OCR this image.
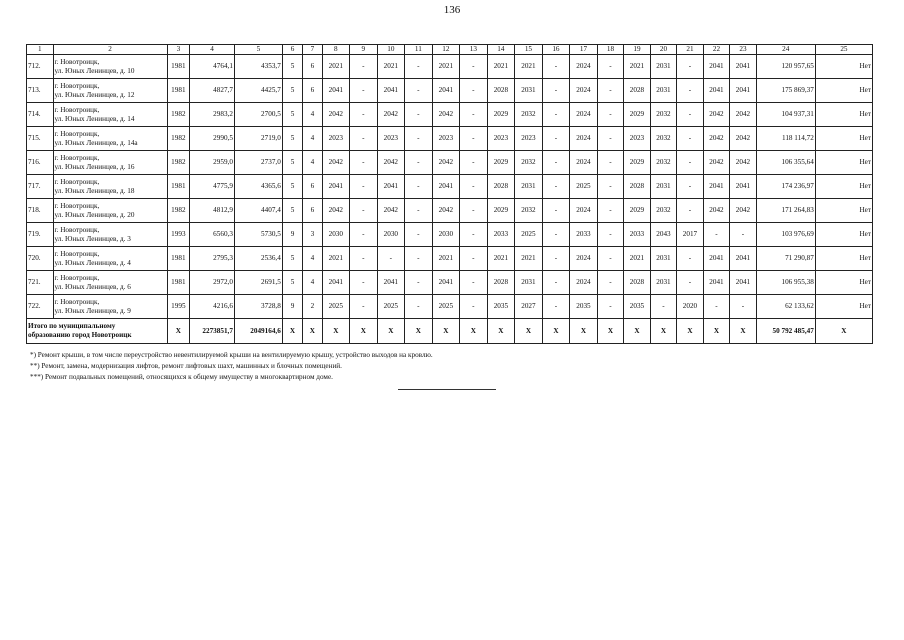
136
1	2	3	4	5	6	7	8	9	10	11	12	13	14	15	16	17	18	19	20	21	22	23	24	25
712.	г. Новотроицк,
ул. Юных Ленинцев, д. 10	1981	4764,1	4353,7	5	6	2021	-	2021	-	2021	-	2021	2021	-	2024	-	2021	2031	-	2041	2041	120 957,65	Нет
713.	г. Новотроицк,
ул. Юных Ленинцев, д. 12	1981	4827,7	4425,7	5	6	2041	-	2041	-	2041	-	2028	2031	-	2024	-	2028	2031	-	2041	2041	175 869,37	Нет
714.	г. Новотроицк,
ул. Юных Ленинцев, д. 14	1982	2983,2	2700,5	5	4	2042	-	2042	-	2042	-	2029	2032	-	2024	-	2029	2032	-	2042	2042	104 937,31	Нет
715.	г. Новотроицк,
ул. Юных Ленинцев, д. 14а	1982	2990,5	2719,0	5	4	2023	-	2023	-	2023	-	2023	2023	-	2024	-	2023	2032	-	2042	2042	118 114,72	Нет
716.	г. Новотроицк,
ул. Юных Ленинцев, д. 16	1982	2959,0	2737,0	5	4	2042	-	2042	-	2042	-	2029	2032	-	2024	-	2029	2032	-	2042	2042	106 355,64	Нет
717.	г. Новотроицк,
ул. Юных Ленинцев, д. 18	1981	4775,9	4365,6	5	6	2041	-	2041	-	2041	-	2028	2031	-	2025	-	2028	2031	-	2041	2041	174 236,97	Нет
718.	г. Новотроицк,
ул. Юных Ленинцев, д. 20	1982	4812,9	4407,4	5	6	2042	-	2042	-	2042	-	2029	2032	-	2024	-	2029	2032	-	2042	2042	171 264,83	Нет
719.	г. Новотроицк,
ул. Юных Ленинцев, д. 3	1993	6560,3	5730,5	9	3	2030	-	2030	-	2030	-	2033	2025	-	2033	-	2033	2043	2017	-	-	103 976,69	Нет
720.	г. Новотроицк,
ул. Юных Ленинцев, д. 4	1981	2795,3	2536,4	5	4	2021	-	-	-	2021	-	2021	2021	-	2024	-	2021	2031	-	2041	2041	71 290,87	Нет
721.	г. Новотроицк,
ул. Юных Ленинцев, д. 6	1981	2972,0	2691,5	5	4	2041	-	2041	-	2041	-	2028	2031	-	2024	-	2028	2031	-	2041	2041	106 955,38	Нет
722.	г. Новотроицк,
ул. Юных Ленинцев, д. 9	1995	4216,6	3728,8	9	2	2025	-	2025	-	2025	-	2035	2027	-	2035	-	2035	-	2020	-	-	62 133,62	Нет

Итого по муниципальному
образованию город Новотроицк		X	2273851,7	2049164,6	X	X	X	X	X	X	X	X	X	X	X	X	X	X	X	X	X	X	50 792 485,47	X
*) Ремонт крыши, в том числе переустройство невентилируемой крыши на вентилируемую крышу, устройство выходов на кровлю.
**) Ремонт, замена, модернизация лифтов, ремонт лифтовых шахт, машинных и блочных помещений.
***) Ремонт подвальных помещений, относящихся к общему имуществу в многоквартирном доме.
